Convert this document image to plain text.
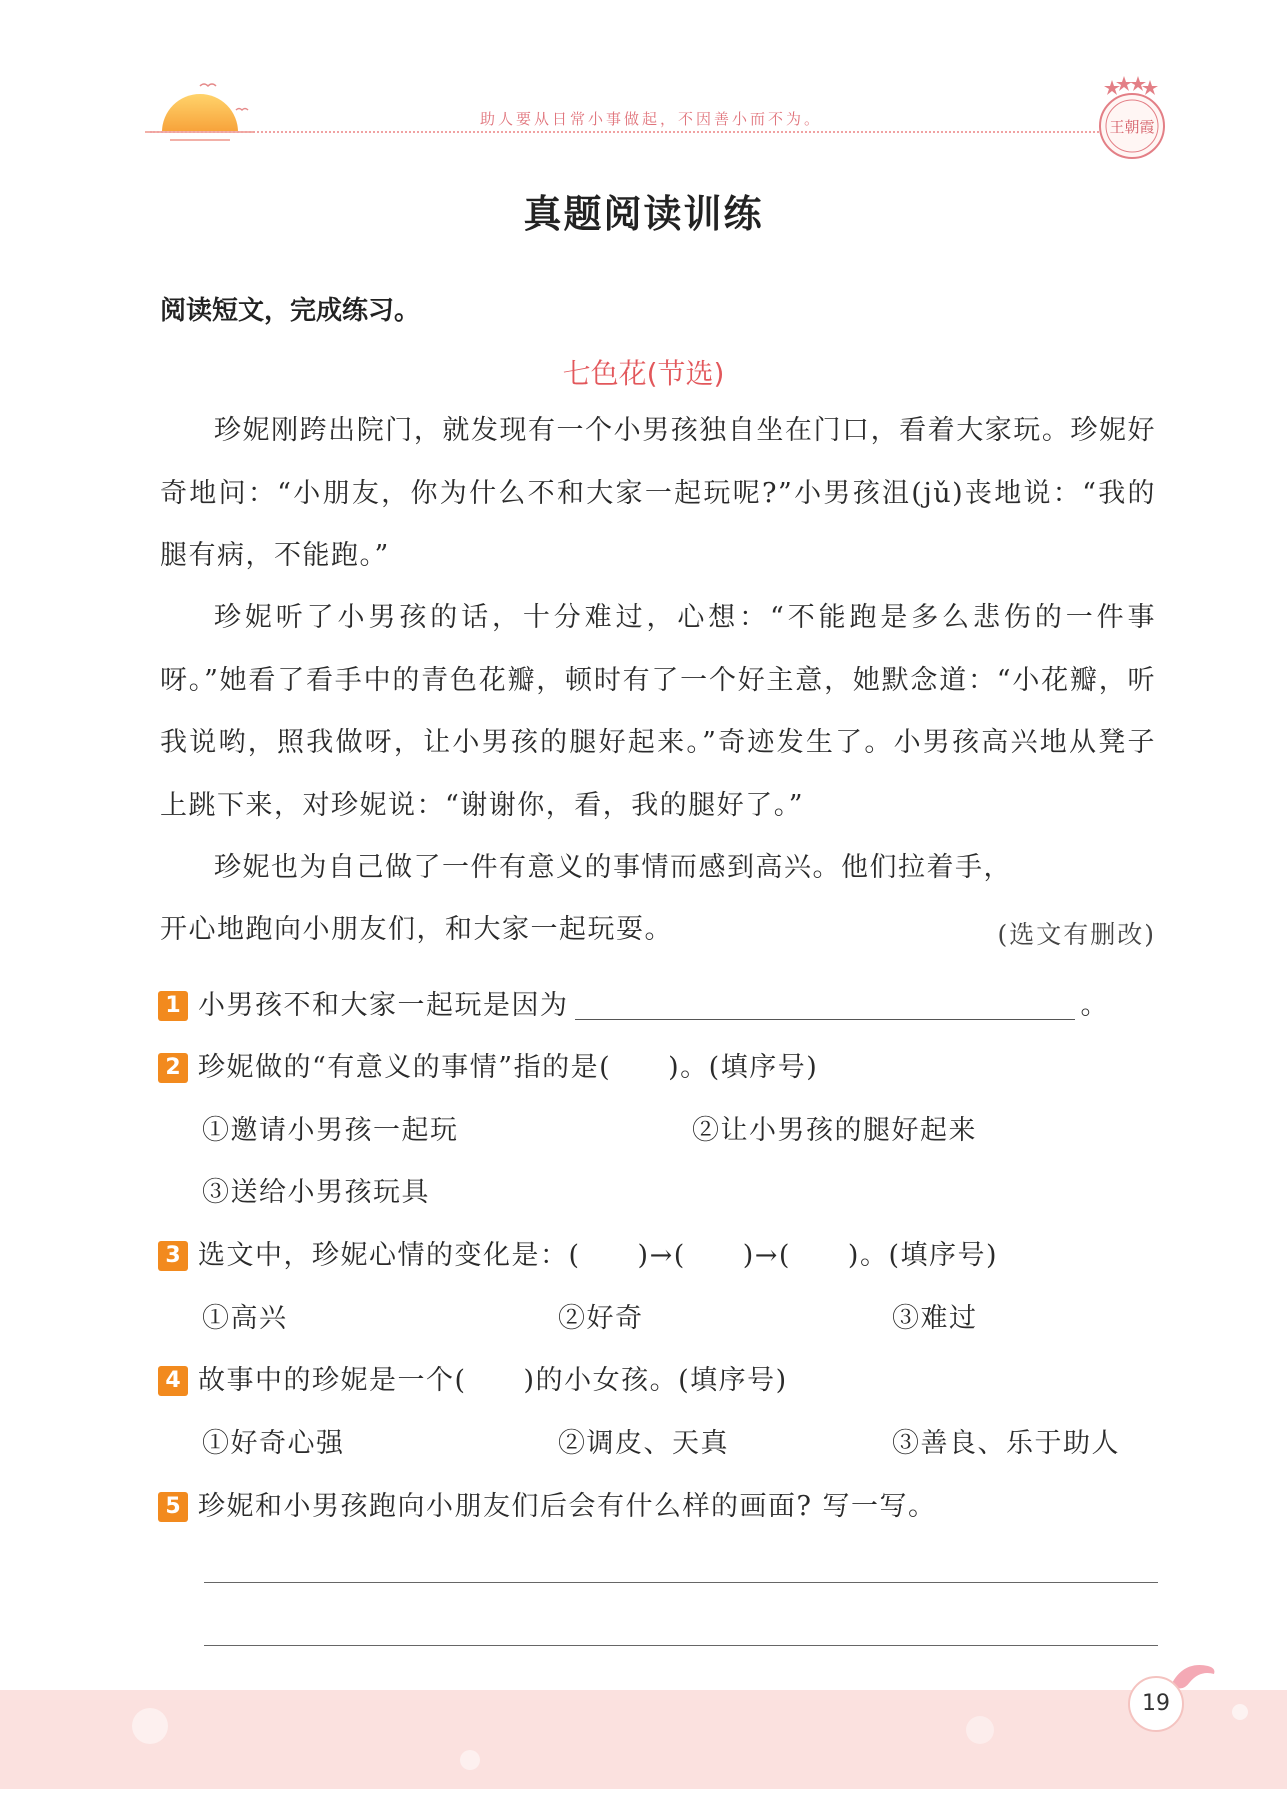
助人要从日常小事做起，不因善小而不为。	王朝霞
真题阅读训练
阅读短文，完成练习。
七色花(节选)

珍妮刚跨出院门，就发现有一个小男孩独自坐在门口，看着大家玩。珍妮好奇地问：“小朋友，你为什么不和大家一起玩呢?”小男孩沮(jǔ)丧地说：“我的腿有病，不能跑。”

珍妮听了小男孩的话，十分难过，心想：“不能跑是多么悲伤的一件事呀。”她看了看手中的青色花瓣，顿时有了一个好主意，她默念道：“小花瓣，听我说哟，照我做呀，让小男孩的腿好起来。”奇迹发生了。小男孩高兴地从凳子上跳下来，对珍妮说：“谢谢你，看，我的腿好了。”

珍妮也为自己做了一件有意义的事情而感到高兴。他们拉着手，

开心地跑向小朋友们，和大家一起玩耍。	(选文有删改)
1 小男孩不和大家一起玩是因为	。
2 珍妮做的“有意义的事情”指的是(　　)。(填序号)
①邀请小男孩一起玩	②让小男孩的腿好起来
③送给小男孩玩具
3 选文中，珍妮心情的变化是：(　　)→(　　)→(　　)。(填序号)
①高兴	②好奇	③难过
4 故事中的珍妮是一个(　　)的小女孩。(填序号)
①好奇心强	②调皮、天真	③善良、乐于助人
5 珍妮和小男孩跑向小朋友们后会有什么样的画面? 写一写。
19
